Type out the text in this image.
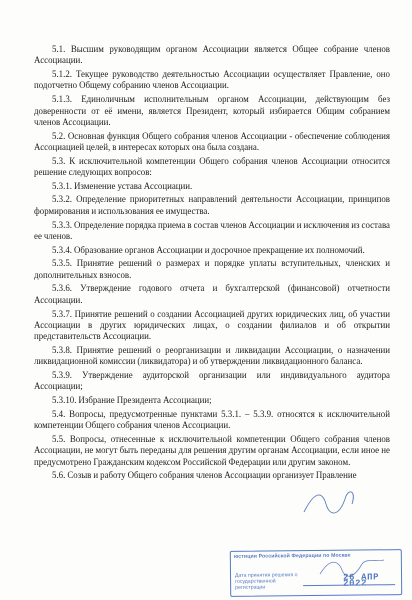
5.1. Высшим руководящим органом Ассоциации является Общее собрание членов Ассоциации.

5.1.2. Текущее руководство деятельностью Ассоциации осуществляет Правление, оно подотчетно Общему собранию членов Ассоциации.

5.1.3. Единоличным исполнительным органом Ассоциации, действующим без доверенности от её имени, является Президент, который избирается Общим собранием членов Ассоциации.

5.2. Основная функция Общего собрания членов Ассоциации - обеспечение соблюдения Ассоциацией целей, в интересах которых она была создана.

5.3. К исключительной компетенции Общего собрания членов Ассоциации относится решение следующих вопросов:

5.3.1. Изменение устава Ассоциации.

5.3.2. Определение приоритетных направлений деятельности Ассоциации, принципов формирования и использования ее имущества.

5.3.3. Определение порядка приема в состав членов Ассоциации и исключения из состава ее членов.

5.3.4. Образование органов Ассоциации и досрочное прекращение их полномочий.

5.3.5. Принятие решений о размерах и порядке уплаты вступительных, членских и дополнительных взносов.

5.3.6. Утверждение годового отчета и бухгалтерской (финансовой) отчетности Ассоциации.

5.3.7. Принятие решений о создании Ассоциацией других юридических лиц, об участии Ассоциации в других юридических лицах, о создании филиалов и об открытии представительств Ассоциации.

5.3.8. Принятие решений о реорганизации и ликвидации Ассоциации, о назначении ликвидационной комиссии (ликвидатора) и об утверждении ликвидационного баланса.

5.3.9. Утверждение аудиторской организации или индивидуального аудитора Ассоциации;

5.3.10. Избрание Президента Ассоциации;

5.4. Вопросы, предусмотренные пунктами 5.3.1. – 5.3.9. относятся к исключительной компетенции Общего собрания членов Ассоциации.

5.5. Вопросы, отнесенные к исключительной компетенции Общего собрания членов Ассоциации, не могут быть переданы для решения другим органам Ассоциации, если иное не предусмотрено Гражданским кодексом Российской Федерации или другим законом.

5.6. Созыв и работу Общего собрания членов Ассоциации организует Правление

юстиции Российской Федерации по Москве
Дата принятия решения о государственной регистрации
26 АПР 2022
